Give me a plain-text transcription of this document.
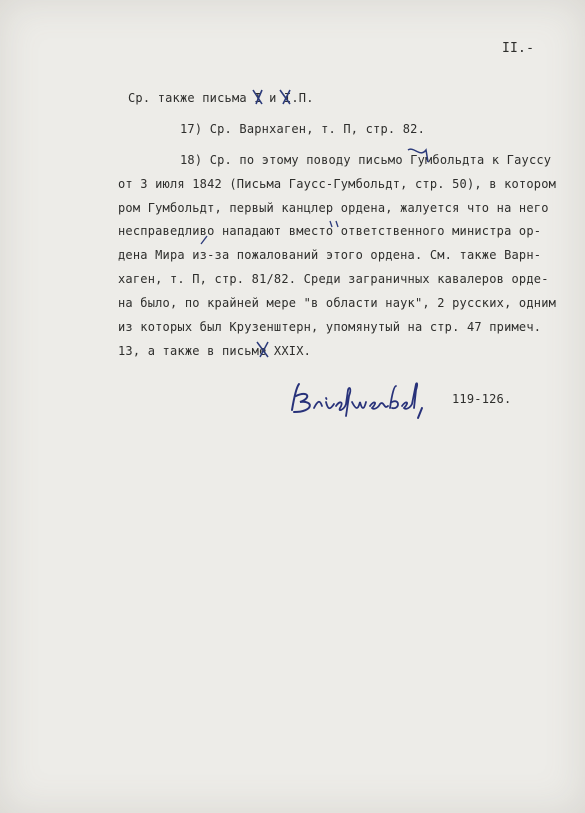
II.-
Ср. также письма I и I.П.
17) Ср. Варнхаген, т. П, стр. 82.
18) Ср. по этому поводу письмо Гумбольдта к Гауссу
от 3 июля 1842 (Письма Гаусс-Гумбольдт, стр. 50), в котором
ром Гумбольдт, первый канцлер ордена, жалуется что на него
несправедливо нападают вместо ответственного министра ор-
дена Мира из-за пожалований этого ордена. См. также Варн-
хаген, т. П, стр. 81/82. Среди заграничных кавалеров орде-
на было, по крайней мере "в области наук", 2 русских, одним
из которых был Крузенштерн, упомянутый на стр. 47 примеч.
13, а также в письме XXIX.
119-126.
